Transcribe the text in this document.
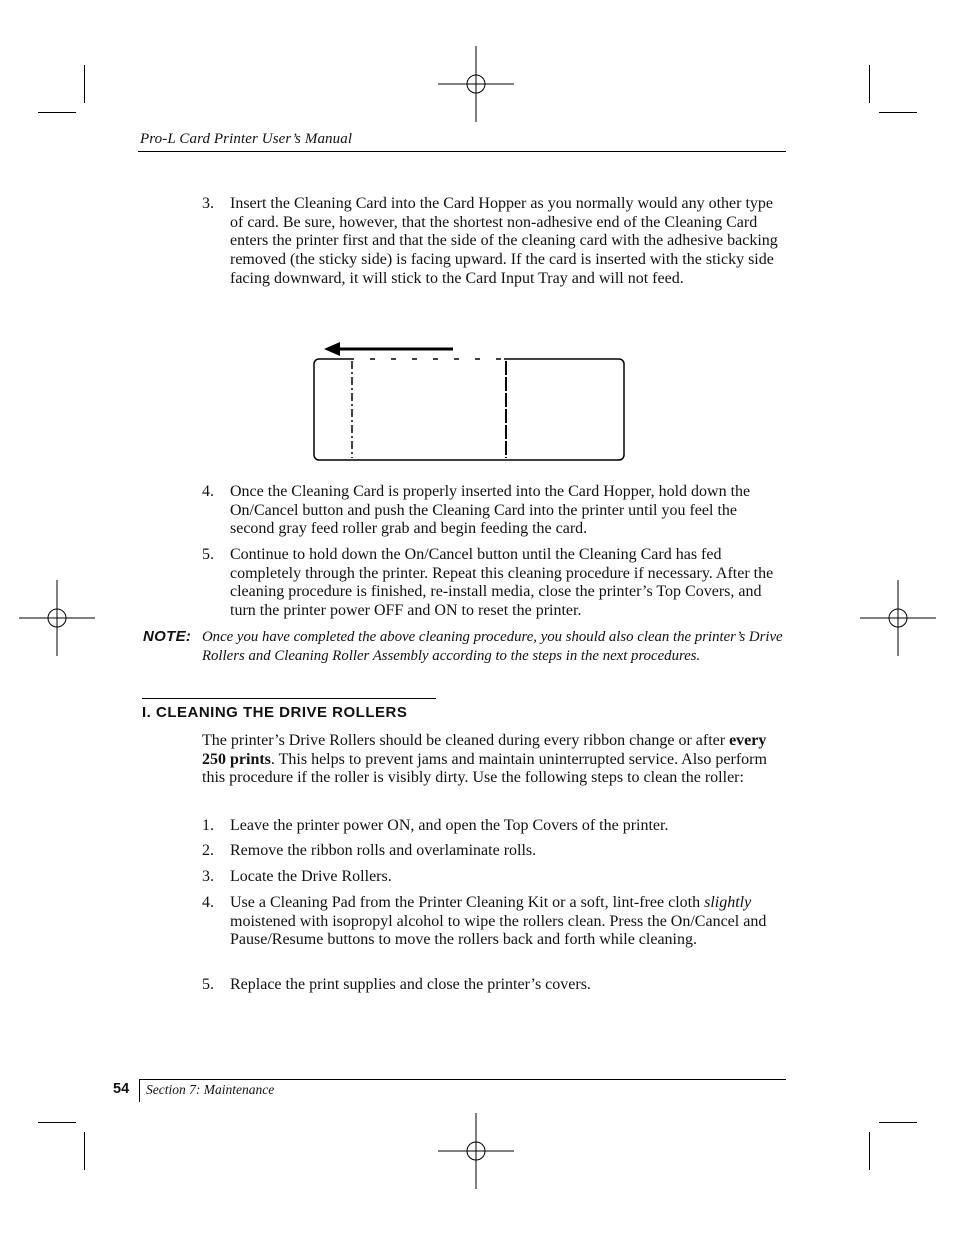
Pro-L Card Printer User’s Manual
3. Insert the Cleaning Card into the Card Hopper as you normally would any other type of card. Be sure, however, that the shortest non-adhesive end of the Cleaning Card enters the printer first and that the side of the cleaning card with the adhesive backing removed (the sticky side) is facing upward. If the card is inserted with the sticky side facing downward, it will stick to the Card Input Tray and will not feed.
4. Once the Cleaning Card is properly inserted into the Card Hopper, hold down the On/Cancel button and push the Cleaning Card into the printer until you feel the second gray feed roller grab and begin feeding the card.
5. Continue to hold down the On/Cancel button until the Cleaning Card has fed completely through the printer. Repeat this cleaning procedure if necessary. After the cleaning procedure is finished, re-install media, close the printer’s Top Covers, and turn the printer power OFF and ON to reset the printer.
NOTE: Once you have completed the above cleaning procedure, you should also clean the printer’s Drive Rollers and Cleaning Roller Assembly according to the steps in the next procedures.
I. CLEANING THE DRIVE ROLLERS
The printer’s Drive Rollers should be cleaned during every ribbon change or after every 250 prints. This helps to prevent jams and maintain uninterrupted service. Also perform this procedure if the roller is visibly dirty. Use the following steps to clean the roller:
1. Leave the printer power ON, and open the Top Covers of the printer.
2. Remove the ribbon rolls and overlaminate rolls.
3. Locate the Drive Rollers.
4. Use a Cleaning Pad from the Printer Cleaning Kit or a soft, lint-free cloth slightly moistened with isopropyl alcohol to wipe the rollers clean. Press the On/Cancel and Pause/Resume buttons to move the rollers back and forth while cleaning.
5. Replace the print supplies and close the printer’s covers.
54 Section 7: Maintenance
